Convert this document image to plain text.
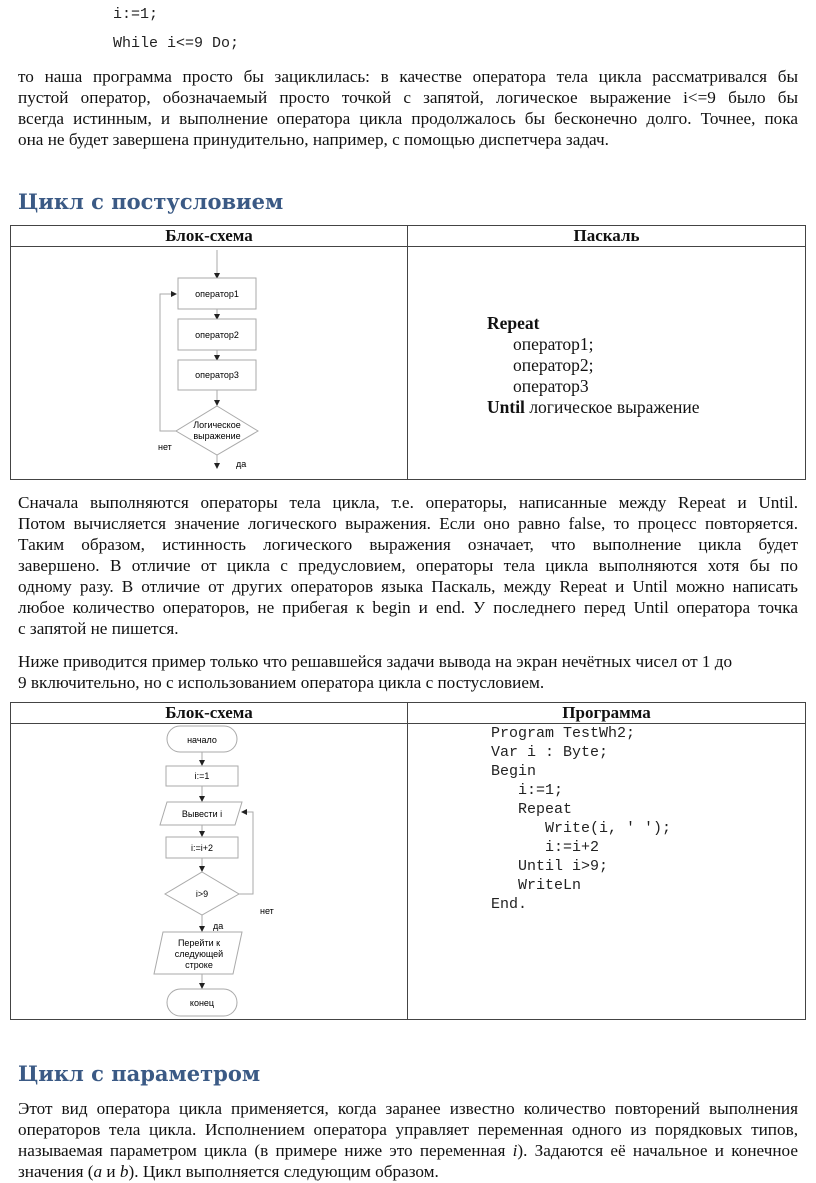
i:=1;
While i<=9 Do;
то наша программа просто бы зациклилась: в качестве оператора тела цикла рассматривался бы
пустой оператор, обозначаемый просто точкой с запятой, логическое выражение i<=9 было бы
всегда истинным, и выполнение оператора цикла продолжалось бы бесконечно долго. Точнее, пока
она не будет завершена принудительно, например, с помощью диспетчера задач.
Цикл с постусловием
Блок-схема	Паскаль

оператор1
оператор2
оператор3
Логическое
выражение
нет
да
Repeat
оператор1;
оператор2;
оператор3
Until логическое выражение
Сначала выполняются операторы тела цикла, т.е. операторы, написанные между Repeat и Until.
Потом вычисляется значение логического выражения. Если оно равно false, то процесс повторяется.
Таким образом, истинность логического выражения означает, что выполнение цикла будет
завершено. В отличие от цикла с предусловием, операторы тела цикла выполняются хотя бы по
одному разу. В отличие от других операторов языка Паскаль, между Repeat и Until можно написать
любое количество операторов, не прибегая к begin и end. У последнего перед Until оператора точка
с запятой не пишется.
Ниже приводится пример только что решавшейся задачи вывода на экран нечётных чисел от 1 до
9 включительно, но с использованием оператора цикла с постусловием.
Блок-схема	Программа

начало
i:=1
Вывести i
i:=i+2
i>9
нет
да
Перейти к
следующей
строке
конец
Program TestWh2;
Var i : Byte;
Begin
i:=1;
Repeat
Write(i, ' ');
i:=i+2
Until i>9;
WriteLn
End.
Цикл с параметром
Этот вид оператора цикла применяется, когда заранее известно количество повторений выполнения
операторов тела цикла. Исполнением оператора управляет переменная одного из порядковых типов,
называемая параметром цикла (в примере ниже это переменная i). Задаются её начальное и конечное
значения (a и b). Цикл выполняется следующим образом.
